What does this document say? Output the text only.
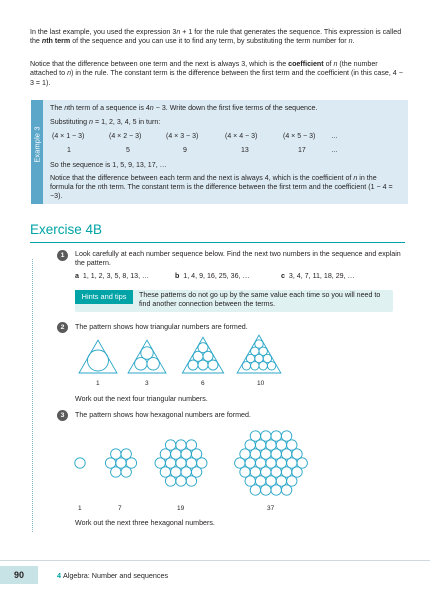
In the last example, you used the expression 3n + 1 for the rule that generates the sequence. This expression is called the nth term of the sequence and you can use it to find any term, by substituting the term number for n.

Notice that the difference between one term and the next is always 3, which is the coefficient of n (the number attached to n) in the rule. The constant term is the difference between the first term and the coefficient (in this case, 4 − 3 = 1).

Example 3

The nth term of a sequence is 4n − 3. Write down the first five terms of the sequence.

Substituting n = 1, 2, 3, 4, 5 in turn:

(4 × 1 − 3)	(4 × 2 − 3)	(4 × 3 − 3)	(4 × 4 − 3)	(4 × 5 − 3) …
1	5	9	13	17	…

So the sequence is 1, 5, 9, 13, 17, …

Notice that the difference between each term and the next is always 4, which is the coefficient of n in the formula for the nth term. The constant term is the difference between the first term and the coefficient (1 − 4 = −3).

Exercise 4B
1	Look carefully at each number sequence below. Find the next two numbers in the sequence and explain the pattern.

a 1, 1, 2, 3, 5, 8, 13, …	b 1, 4, 9, 16, 25, 36, …	c 3, 4, 7, 11, 18, 29, …
Hints and tips	These patterns do not go up by the same value each time so you will need to find another connection between the terms.
2	The pattern shows how triangular numbers are formed.

1	3	6	10

Work out the next four triangular numbers.

3	The pattern shows how hexagonal numbers are formed.

1	7	19	37

Work out the next three hexagonal numbers.

90	4 Algebra: Number and sequences
